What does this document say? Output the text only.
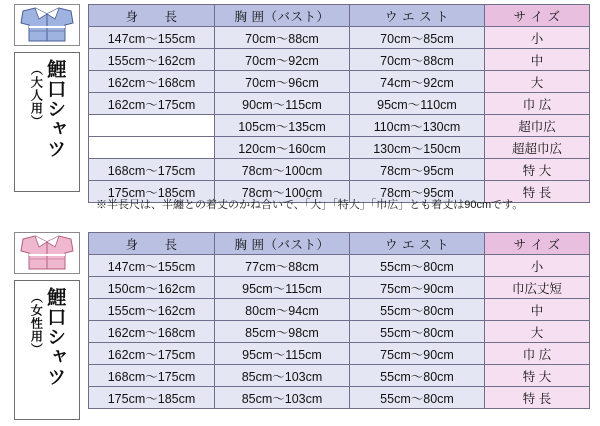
鯉口シャツ
（大人用）
身　　長	胸 囲（バスト）	ウ エ ス ト	サ イ ズ
147cm〜155cm	70cm〜88cm	70cm〜85cm	小
155cm〜162cm	70cm〜92cm	70cm〜88cm	中
162cm〜168cm	70cm〜96cm	74cm〜92cm	大
162cm〜175cm	90cm〜115cm	95cm〜110cm	巾 広
	105cm〜135cm	110cm〜130cm	超巾広
	120cm〜160cm	130cm〜150cm	超超巾広
168cm〜175cm	78cm〜100cm	78cm〜95cm	特 大
175cm〜185cm	78cm〜100cm	78cm〜95cm	特 長
※半長尺は、半纏との着丈のかね合いで、「大」「特大」「巾広」とも着丈は90cmです。
鯉口シャツ
（女性用）
身　　長	胸 囲（バスト）	ウ エ ス ト	サ イ ズ
147cm〜155cm	77cm〜88cm	55cm〜80cm	小
150cm〜162cm	95cm〜115cm	75cm〜90cm	巾広丈短
155cm〜162cm	80cm〜94cm	55cm〜80cm	中
162cm〜168cm	85cm〜98cm	55cm〜80cm	大
162cm〜175cm	95cm〜115cm	75cm〜90cm	巾 広
168cm〜175cm	85cm〜103cm	55cm〜80cm	特 大
175cm〜185cm	85cm〜103cm	55cm〜80cm	特 長
